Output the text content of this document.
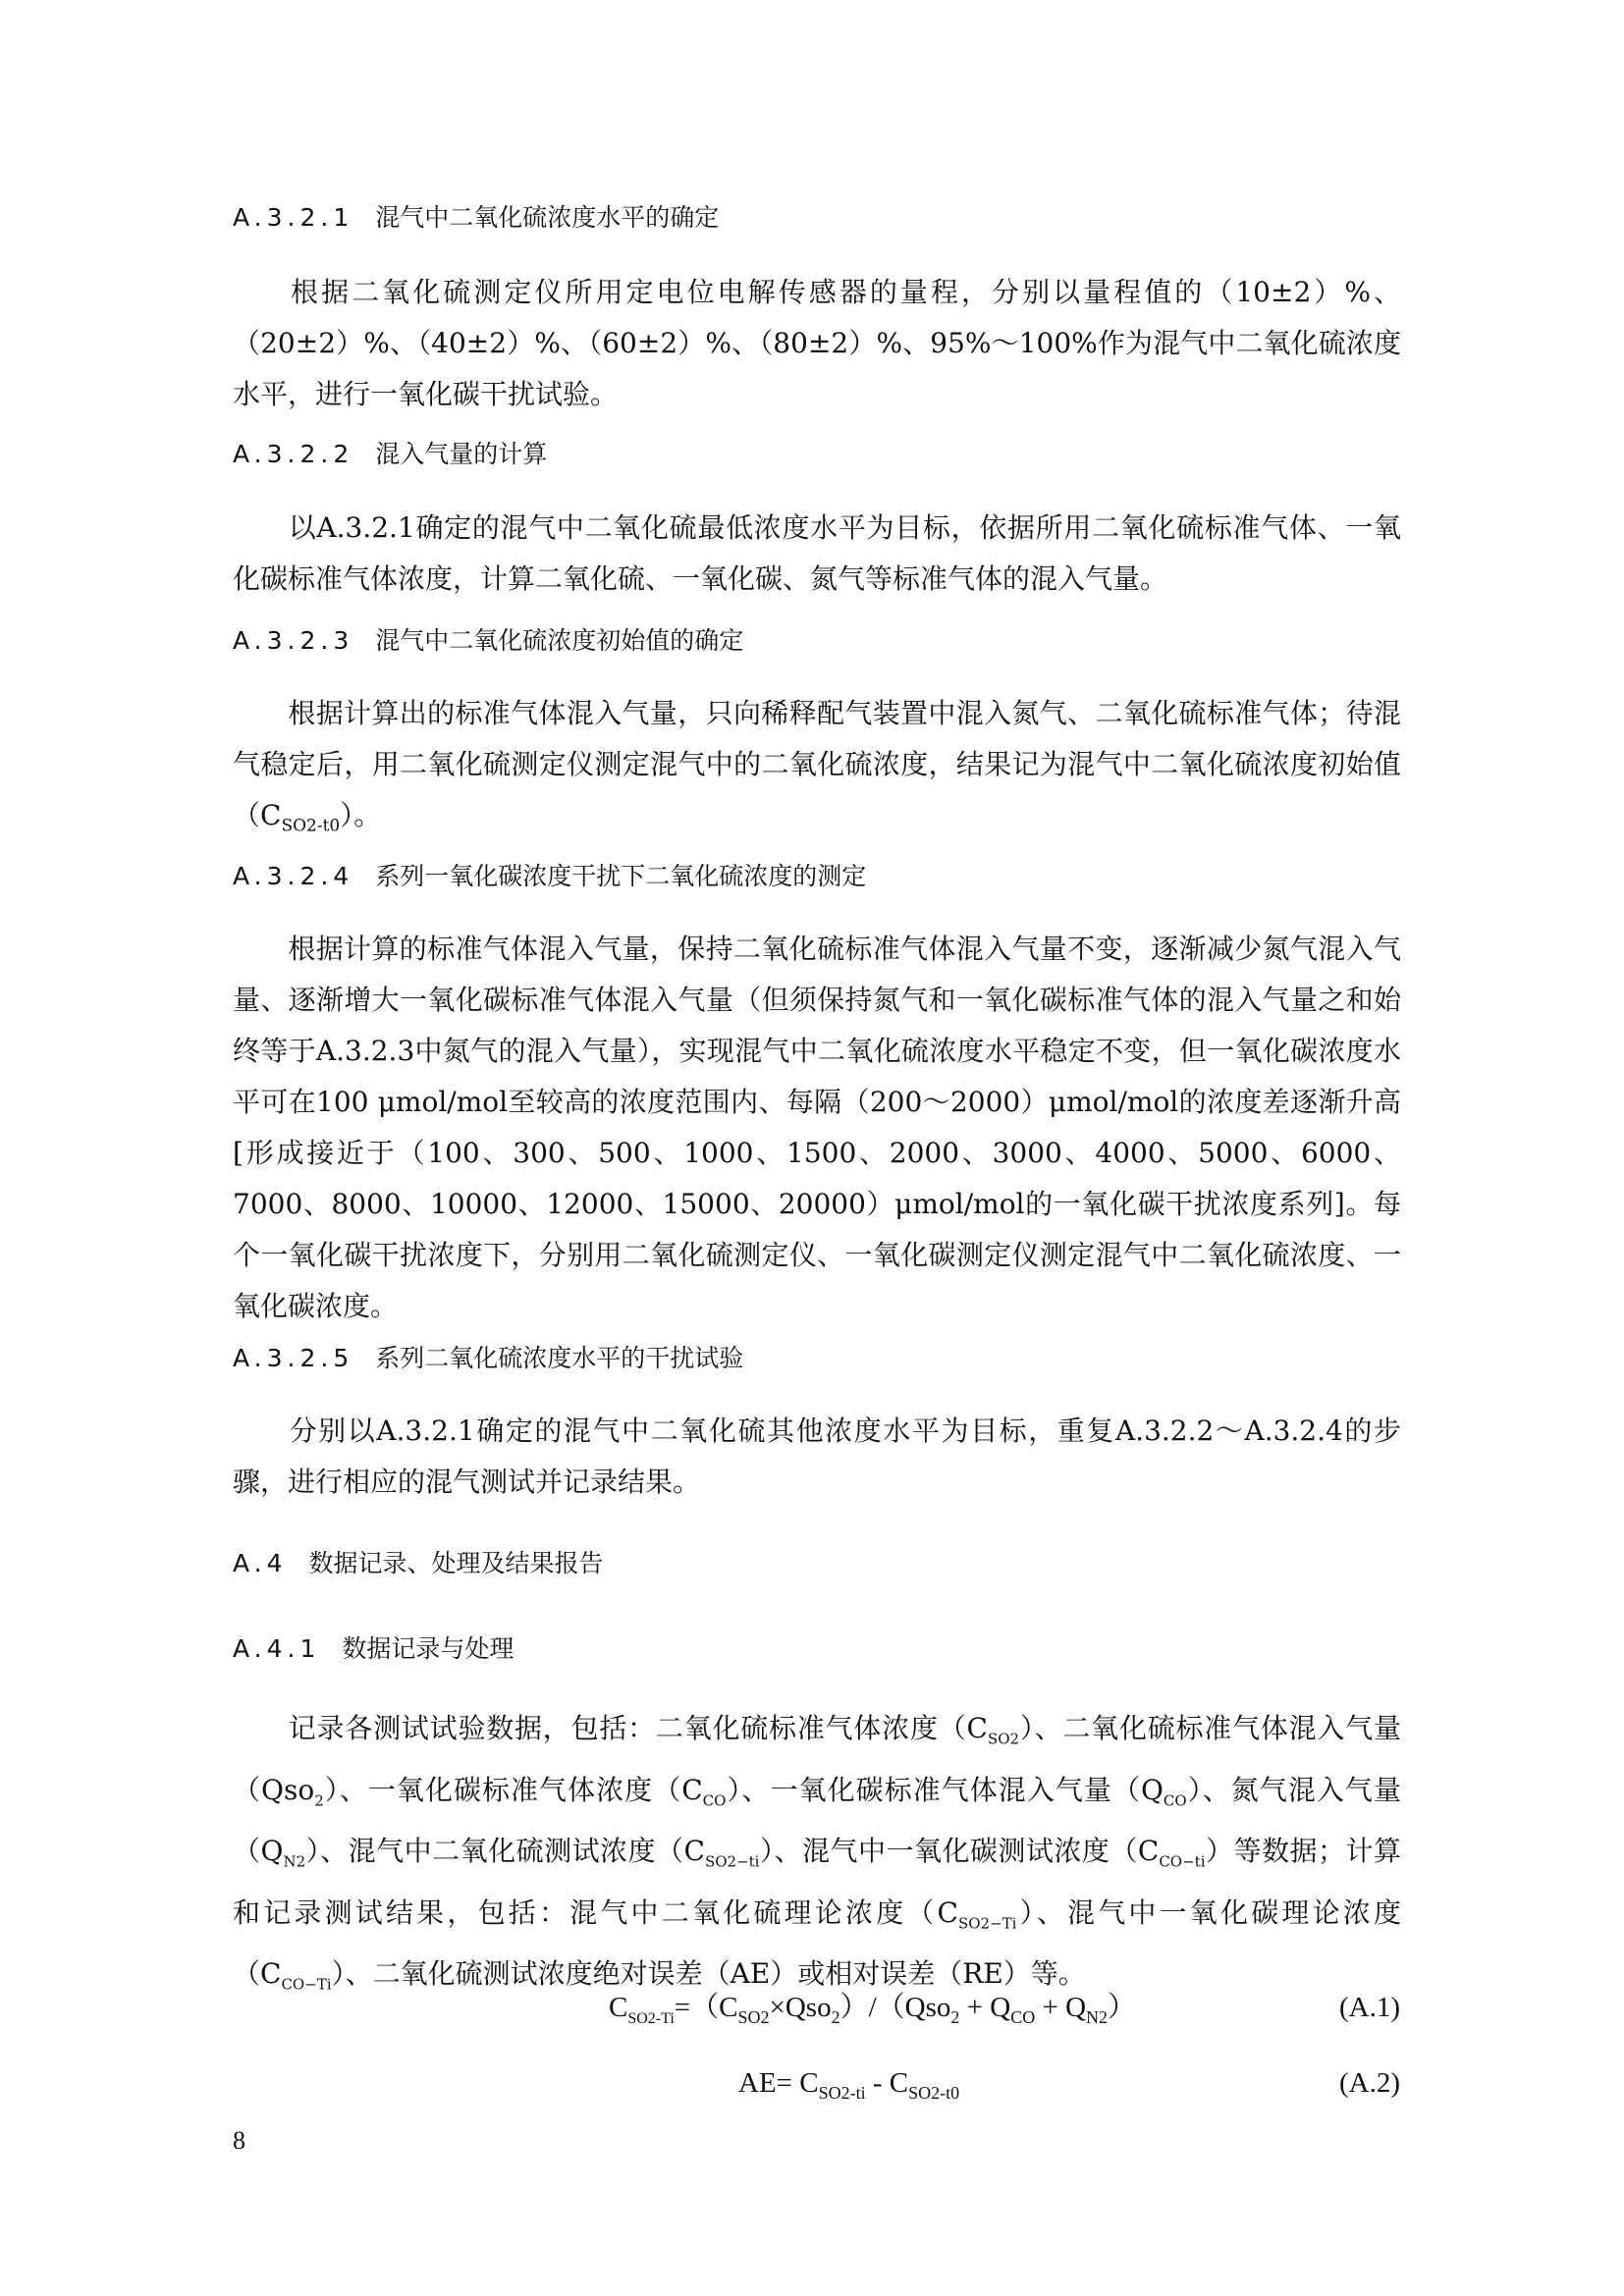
A.3.2.1 混气中二氧化硫浓度水平的确定

根据二氧化硫测定仪所用定电位电解传感器的量程，分别以量程值的（10±2）%、（20±2）%、（40±2）%、（60±2）%、（80±2）%、95%～100%作为混气中二氧化硫浓度水平，进行一氧化碳干扰试验。

A.3.2.2 混入气量的计算

以A.3.2.1确定的混气中二氧化硫最低浓度水平为目标，依据所用二氧化硫标准气体、一氧化碳标准气体浓度，计算二氧化硫、一氧化碳、氮气等标准气体的混入气量。

A.3.2.3 混气中二氧化硫浓度初始值的确定

根据计算出的标准气体混入气量，只向稀释配气装置中混入氮气、二氧化硫标准气体；待混气稳定后，用二氧化硫测定仪测定混气中的二氧化硫浓度，结果记为混气中二氧化硫浓度初始值$(C_{SO2-t0})$。

A.3.2.4 系列一氧化碳浓度干扰下二氧化硫浓度的测定

根据计算的标准气体混入气量，保持二氧化硫标准气体混入气量不变，逐渐减少氮气混入气量、逐渐增大一氧化碳标准气体混入气量（但须保持氮气和一氧化碳标准气体的混入气量之和始终等于A.3.2.3中氮气的混入气量），实现混气中二氧化硫浓度水平稳定不变，但一氧化碳浓度水平可在100 μmol/mol至较高的浓度范围内、每隔（200～2000）μmol/mol的浓度差逐渐升高[形成接近于（100、300、500、1000、1500、2000、3000、4000、5000、6000、7000、8000、10000、12000、15000、20000）μmol/mol的一氧化碳干扰浓度系列]。每个一氧化碳干扰浓度下，分别用二氧化硫测定仪、一氧化碳测定仪测定混气中二氧化硫浓度、一氧化碳浓度。

A.3.2.5 系列二氧化硫浓度水平的干扰试验

分别以A.3.2.1确定的混气中二氧化硫其他浓度水平为目标，重复A.3.2.2～A.3.2.4的步骤，进行相应的混气测试并记录结果。

A.4 数据记录、处理及结果报告
A.4.1 数据记录与处理

记录各测试试验数据，包括：二氧化硫标准气体浓度$(C_{SO2})$、二氧化硫标准气体混入气量（Qso$_2$）、一氧化碳标准气体浓度$(C_{CO})$、一氧化碳标准气体混入气量$(Q_{CO})$、氮气混入气量$(Q_{N2})$、混气中二氧化硫测试浓度$(C_{SO2-ti})$、混气中一氧化碳测试浓度$(C_{CO-ti})$等数据；计算和记录测试结果，包括：混气中二氧化硫理论浓度$(C_{SO2-Ti})$、混气中一氧化碳理论浓度$(C_{CO-Ti})$、二氧化硫测试浓度绝对误差（AE）或相对误差（RE）等。

$C_{SO2-Ti}=(C_{SO2}\times Qso_2)/(Qso_2 + Q_{CO} + Q_{N2})$	(A.1)
$AE= C_{SO2-ti} - C_{SO2-t0}$	(A.2)
8
